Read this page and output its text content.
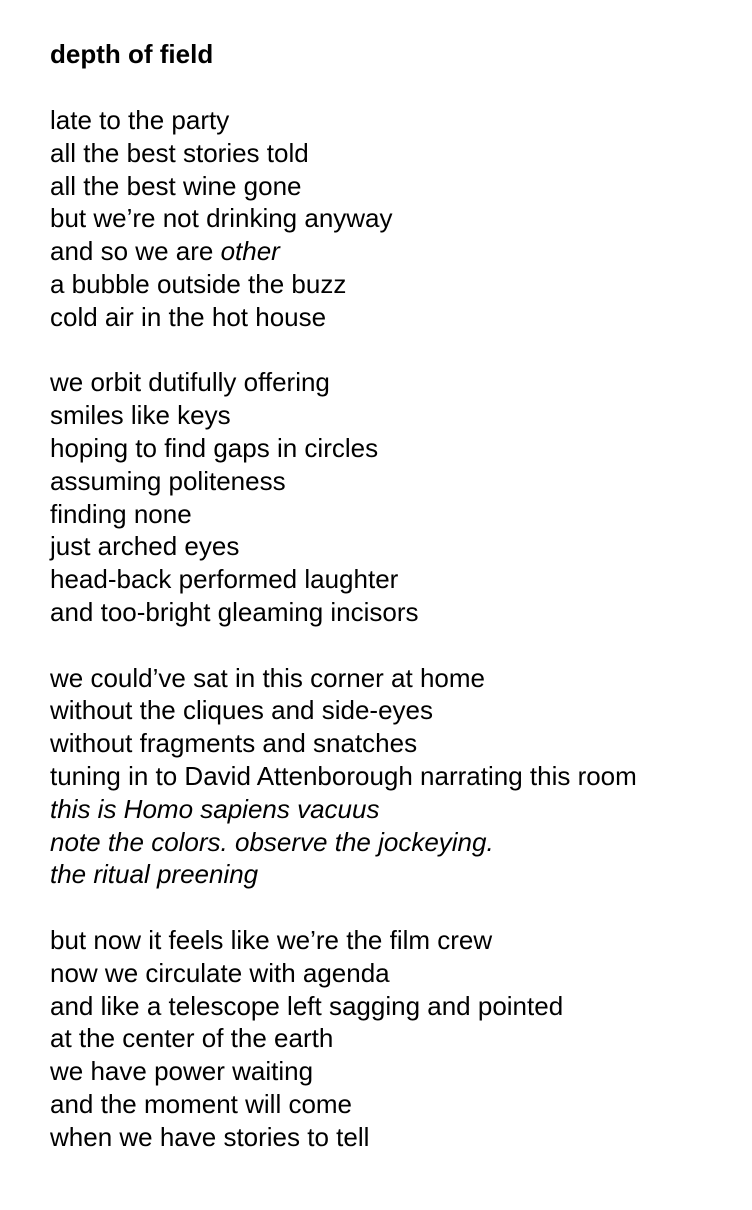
depth of field
late to the party
all the best stories told
all the best wine gone
but we’re not drinking anyway
and so we are other
a bubble outside the buzz
cold air in the hot house
we orbit dutifully offering
smiles like keys
hoping to find gaps in circles
assuming politeness
finding none
just arched eyes
head-back performed laughter
and too-bright gleaming incisors
we could’ve sat in this corner at home
without the cliques and side-eyes
without fragments and snatches
tuning in to David Attenborough narrating this room
this is Homo sapiens vacuus
note the colors. observe the jockeying.
the ritual preening
but now it feels like we’re the film crew
now we circulate with agenda
and like a telescope left sagging and pointed
at the center of the earth
we have power waiting
and the moment will come
when we have stories to tell
